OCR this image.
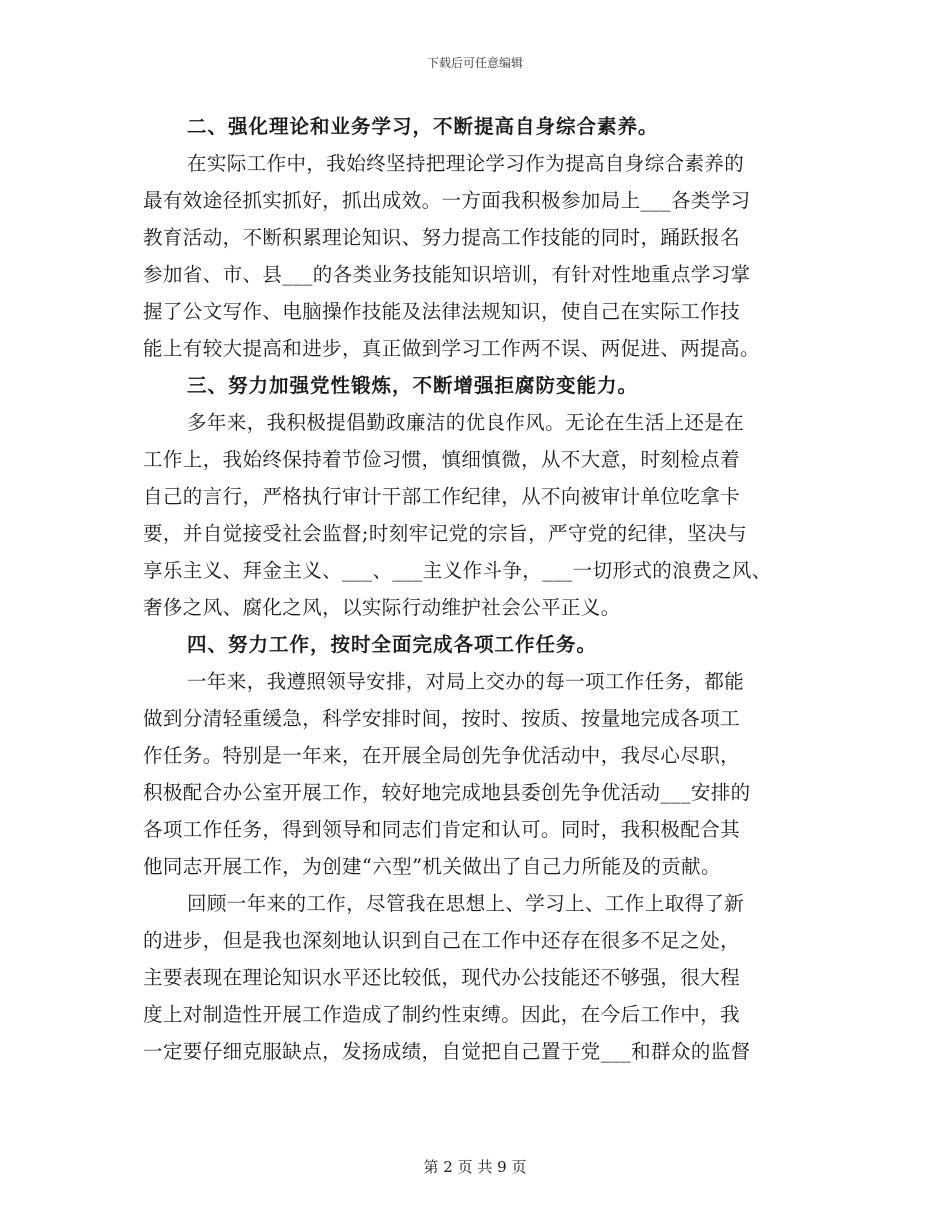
下载后可任意编辑
二、强化理论和业务学习，不断提高自身综合素养。
在实际工作中，我始终坚持把理论学习作为提高自身综合素养的
最有效途径抓实抓好，抓出成效。一方面我积极参加局上___各类学习
教育活动，不断积累理论知识、努力提高工作技能的同时，踊跃报名
参加省、市、县___的各类业务技能知识培训，有针对性地重点学习掌
握了公文写作、电脑操作技能及法律法规知识，使自己在实际工作技
能上有较大提高和进步，真正做到学习工作两不误、两促进、两提高。
三、努力加强党性锻炼，不断增强拒腐防变能力。
多年来，我积极提倡勤政廉洁的优良作风。无论在生活上还是在
工作上，我始终保持着节俭习惯，慎细慎微，从不大意，时刻检点着
自己的言行，严格执行审计干部工作纪律，从不向被审计单位吃拿卡
要，并自觉接受社会监督;时刻牢记党的宗旨，严守党的纪律，坚决与
享乐主义、拜金主义、___、___主义作斗争，___一切形式的浪费之风、
奢侈之风、腐化之风，以实际行动维护社会公平正义。
四、努力工作，按时全面完成各项工作任务。
一年来，我遵照领导安排，对局上交办的每一项工作任务，都能
做到分清轻重缓急，科学安排时间，按时、按质、按量地完成各项工
作任务。特别是一年来，在开展全局创先争优活动中，我尽心尽职，
积极配合办公室开展工作，较好地完成地县委创先争优活动___安排的
各项工作任务，得到领导和同志们肯定和认可。同时，我积极配合其
他同志开展工作，为创建“六型”机关做出了自己力所能及的贡献。
回顾一年来的工作，尽管我在思想上、学习上、工作上取得了新
的进步，但是我也深刻地认识到自己在工作中还存在很多不足之处，
主要表现在理论知识水平还比较低，现代办公技能还不够强，很大程
度上对制造性开展工作造成了制约性束缚。因此，在今后工作中，我
一定要仔细克服缺点，发扬成绩，自觉把自己置于党___和群众的监督
第 2 页 共 9 页
